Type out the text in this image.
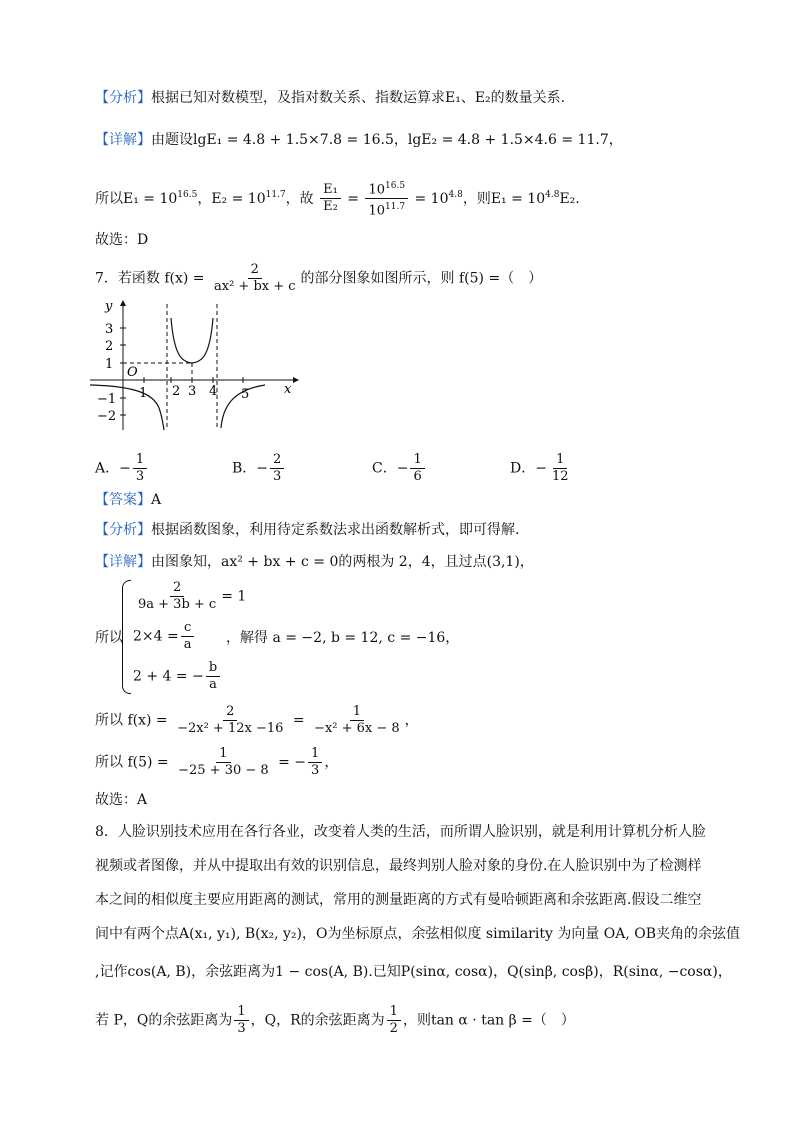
【分析】根据已知对数模型，及指对数关系、指数运算求E₁、E₂的数量关系.
【详解】由题设lgE₁ = 4.8 + 1.5×7.8 = 16.5，lgE₂ = 4.8 + 1.5×4.6 = 11.7，
所以$E_1 = 10^{16.5}$，$E_2 = 10^{11.7}$，故 $\frac{\text{E₁}}{\text{E₂}} = \frac{10^{16.5}}{10^{11.7}} = 10^{4.8}$，则$E_1 = 10^{4.8}E_2$.
故选：D
7．若函数 $f(x) = \frac{2}{\text{ax² + bx + c}}$ 的部分图象如图所示，则 f(5) =（　）
y
x
O
3
2
1
−1
−2
1 2 3 4 5
A．− $\frac{1}{3}$	B．− $\frac{2}{3}$	C．− $\frac{1}{6}$	D．− $\frac{1}{12}$
【答案】A
【分析】根据函数图象，利用待定系数法求出函数解析式，即可得解.
【详解】由图象知，ax² + bx + c = 0的两根为 2，4，且过点(3,1)，
所以
$\frac{2}{9a + 3b + c} = 1$
$2\times 4 = \frac{c}{a}$
2 + 4 = − $\frac{b}{a}$
，解得 a = −2, b = 12, c = −16，
所以 $f(x) = \frac{2}{\text{−2x² + 12x −16}} = \frac{1}{\text{−x² + 6x − 8}}$ ，
所以 $f(5) = \frac{1}{-25 + 30 - 8}$ = − $\frac{1}{3}$ ，
故选：A
8．人脸识别技术应用在各行各业，改变着人类的生活，而所谓人脸识别，就是利用计算机分析人脸
视频或者图像，并从中提取出有效的识别信息，最终判别人脸对象的身份.在人脸识别中为了检测样
本之间的相似度主要应用距离的测试，常用的测量距离的方式有曼哈顿距离和余弦距离.假设二维空
间中有两个点A(x₁, y₁), B(x₂, y₂)，O为坐标原点，余弦相似度 similarity 为向量 OA, OB夹角的余弦值
,记作cos(A, B)，余弦距离为1 − cos(A, B).已知P(sinα, cosα)，Q(sinβ, cosβ)，R(sinα, −cosα)，
若 P，Q的余弦距离为 $\frac{1}{3}$ ，Q，R的余弦距离为 $\frac{1}{2}$ ，则tan α · tan β =（　）
